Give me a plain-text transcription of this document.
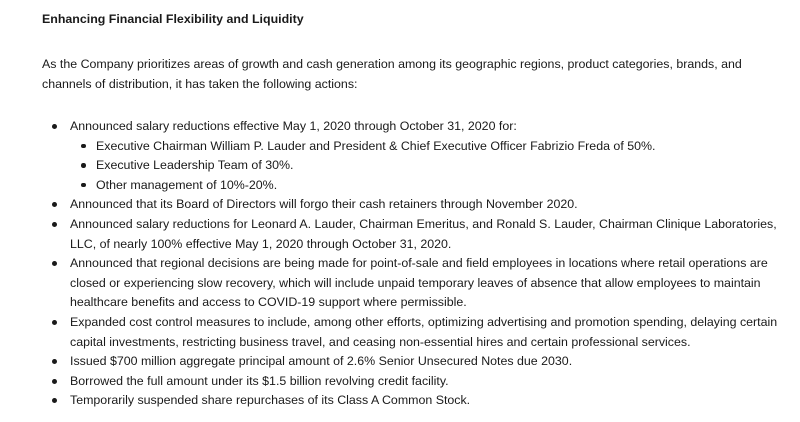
Enhancing Financial Flexibility and Liquidity

As the Company prioritizes areas of growth and cash generation among its geographic regions, product categories, brands, and channels of distribution, it has taken the following actions:

Announced salary reductions effective May 1, 2020 through October 31, 2020 for:
Executive Chairman William P. Lauder and President & Chief Executive Officer Fabrizio Freda of 50%.
Executive Leadership Team of 30%.
Other management of 10%-20%.
Announced that its Board of Directors will forgo their cash retainers through November 2020.
Announced salary reductions for Leonard A. Lauder, Chairman Emeritus, and Ronald S. Lauder, Chairman Clinique Laboratories, LLC, of nearly 100% effective May 1, 2020 through October 31, 2020.
Announced that regional decisions are being made for point-of-sale and field employees in locations where retail operations are closed or experiencing slow recovery, which will include unpaid temporary leaves of absence that allow employees to maintain healthcare benefits and access to COVID-19 support where permissible.
Expanded cost control measures to include, among other efforts, optimizing advertising and promotion spending, delaying certain capital investments, restricting business travel, and ceasing non-essential hires and certain professional services.
Issued $700 million aggregate principal amount of 2.6% Senior Unsecured Notes due 2030.
Borrowed the full amount under its $1.5 billion revolving credit facility.
Temporarily suspended share repurchases of its Class A Common Stock.
